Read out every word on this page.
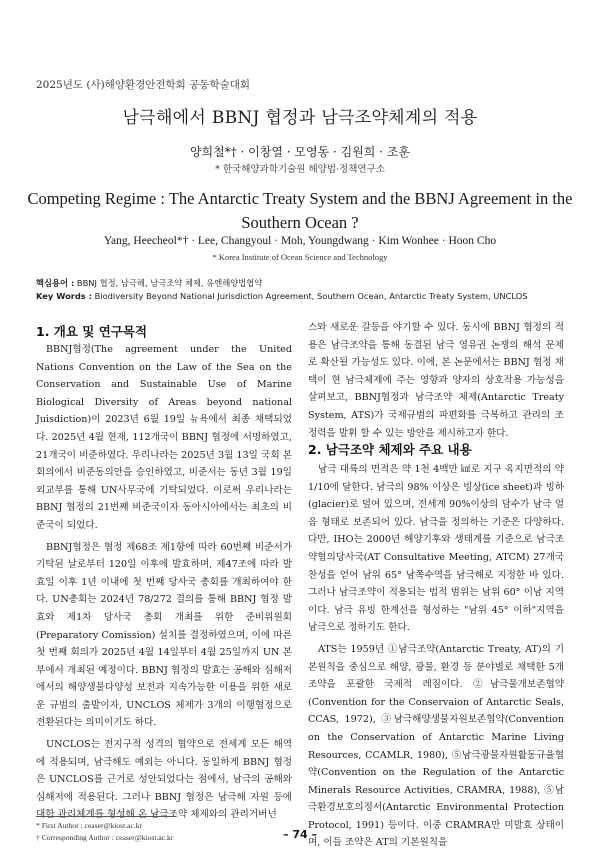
2025년도 (사)해양환경안전학회 공동학술대회
남극해에서 BBNJ 협정과 남극조약체계의 적용
양희철*† · 이창열 · 모영동 · 김원희 · 조훈
* 한국해양과학기술원 해양법·정책연구소
Competing Regime : The Antarctic Treaty System and the BBNJ Agreement in the Southern Ocean ?
Yang, Heecheol*† · Lee, Changyoul · Moh, Youngdwang · Kim Wonhee · Hoon Cho
* Korea Institute of Ocean Science and Technology
핵심용어 : BBNJ 협정, 남극해, 남극조약 체제, 유엔해양법협약
Key Words : Biodiversity Beyond National Jurisdiction Agreement, Southern Ocean, Antarctic Treaty System, UNCLOS
1. 개요 및 연구목적

BBNJ협정(The agreement under the United Nations Convention on the Law of the Sea on the Conservation and Sustainable Use of Marine Biological Diversity of Areas beyond national Juisdiction)이 2023년 6월 19일 뉴욕에서 최종 채택되었다. 2025년 4월 현재, 112개국이 BBNJ 협정에 서명하였고, 21개국이 비준하였다. 우리나라는 2025년 3월 13일 국회 본회의에서 비준동의안을 승인하였고, 비준서는 동년 3월 19일 외교부를 통해 UN사무국에 기탁되었다. 이로써 우리나라는 BBNJ 협정의 21번째 비준국이자 동아시아에서는 최초의 비준국이 되었다.

BBNJ협정은 협정 제68조 제1항에 따라 60번째 비준서가 기탁된 날로부터 120일 이후에 발효하며, 제47조에 따라 발효일 이후 1년 이내에 첫 번째 당사국 총회를 개최하여야 한다. UN총회는 2024년 78/272 결의를 통해 BBNJ 협정 발효와 제1차 당사국 총회 개최를 위한 준비위원회(Preparatory Comission) 설치를 결정하였으며, 이에 따른 첫 번째 회의가 2025년 4월 14일부터 4월 25일까지 UN 본부에서 개최된 예정이다. BBNJ 협정의 발효는 공해와 심해저에서의 해양생물다양성 보전과 지속가능한 이용을 위한 새로운 규범의 출발이자, UNCLOS 체제가 3개의 이행협정으로 전환된다는 의미이기도 하다.

UNCLOS는 전지구적 성격의 협약으로 전세계 모든 해역에 적용되며, 남극해도 예외는 아니다. 동일하게 BBNJ 협정은 UNCLOS를 근거로 성안되었다는 점에서, 남극의 공해와 심해저에 적용된다. 그러나 BBNJ 협정은 남극해 자원 등에 대한 관리체계를 형성해 온 남극조약 체제와의 관리거버넌

스와 새로운 갈등을 야기할 수 있다. 동시에 BBNJ 협정의 적용은 남극조약을 통해 동결된 남극 영유권 논쟁의 해석 문제로 확산될 가능성도 있다. 이에, 본 논문에서는 BBNJ 협정 채택이 현 남극체제에 주는 영향과 양자의 상호작용 가능성을 살펴보고, BBNJ협정과 남극조약 체제(Antarctic Treaty System, ATS)가 국제규범의 파편화를 극복하고 관리의 조정력을 발휘 할 수 있는 방안을 제시하고자 한다.

2. 남극조약 체제와 주요 내용

남극 대륙의 면적은 약 1천 4백만 ㎢로 지구 육지면적의 약 1/10에 달한다. 남극의 98% 이상은 빙상(ice sheet)과 빙하(glacier)로 덮여 있으며, 전세계 90%이상의 담수가 남극 얼음 형태로 보존되어 있다. 남극을 정의하는 기준은 다양하다. 다만, IHO는 2000년 해양기후와 생태계를 기준으로 남극조약협의당사국(AT Consultative Meeting, ATCM) 27개국 찬성을 얻어 남위 65° 남쪽수역을 남극해로 지정한 바 있다. 그러나 남극조약이 적용되는 법적 범위는 남위 60° 이남 지역이다. 남극 유빙 한계선을 형성하는 "남위 45° 이하"지역을 남극으로 정하기도 한다.

ATS는 1959년 ①남극조약(Antarctic Treaty, AT)의 기본원칙을 중심으로 해양, 광물, 환경 등 분야별로 채택한 5개 조약을 포괄한 국제적 레짐이다. ②남극물개보존협약(Convention for the Conservaion of Antarctic Seals, CCAS, 1972), ③남극해양생물자원보존협약(Convention on the Conservation of Antarctic Marine Living Resources, CCAMLR, 1980), ⑤남극광물자원활동규율협약(Convention on the Regulation of the Antarctic Minerals Resource Activities, CRAMRA, 1988), ⑤남극환경보호의정서(Antarctic Environmental Protection Protocol, 1991) 등이다. 이중 CRAMRA만 미발효 상태이며, 이들 조약은 AT의 기본원칙을

* First Author : ceaser@kiost.ac.kr
† Corresponding Author : ceaser@kiost.ac.kr	– 74 –
